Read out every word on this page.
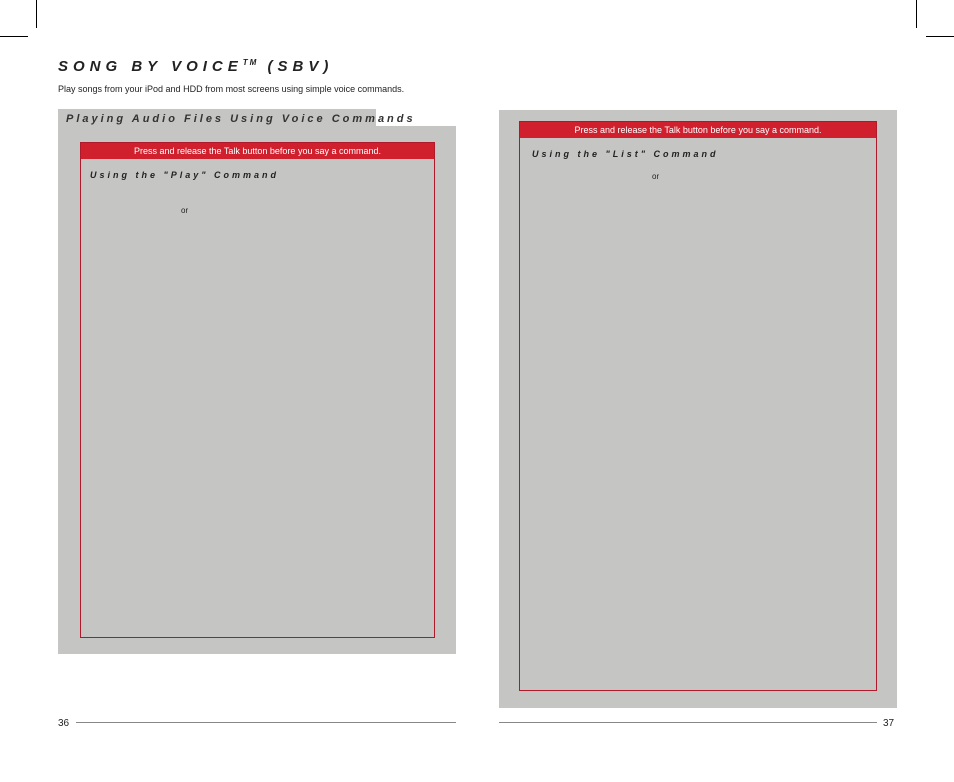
SONG BY VOICE™ (SBV)
Play songs from your iPod and HDD from most screens using simple voice commands.
Playing Audio Files Using Voice Commands
Press and release the Talk button before you say a command.
Using the "Play" Command
or
Press and release the Talk button before you say a command.
Using the "List" Command
or
36	37
